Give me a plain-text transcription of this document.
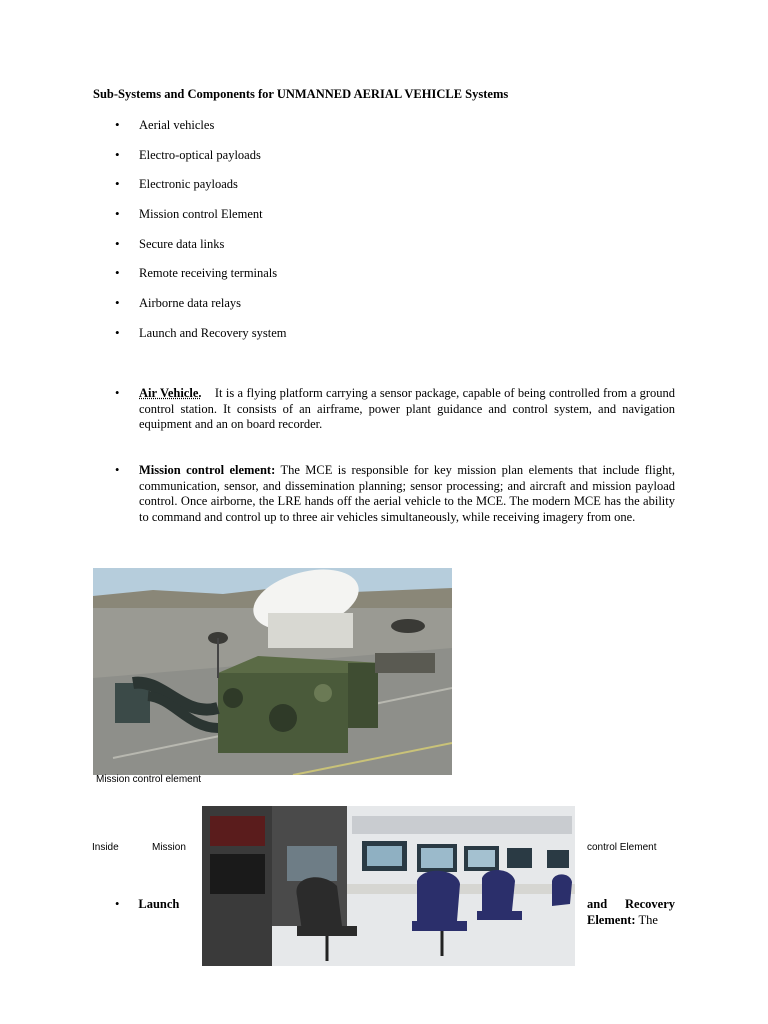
Sub-Systems and Components for UNMANNED AERIAL VEHICLE Systems
• Aerial vehicles
• Electro-optical payloads
• Electronic payloads
• Mission control Element
• Secure data links
• Remote receiving terminals
• Airborne data relays
• Launch and Recovery system
• Air Vehicle. It is a flying platform carrying a sensor package, capable of being controlled from a ground control station. It consists of an airframe, power plant guidance and control system, and navigation equipment and an on board recorder.
• Mission control element: The MCE is responsible for key mission plan elements that include flight, communication, sensor, and dissemination planning; sensor processing; and aircraft and mission payload control. Once airborne, the LRE hands off the aerial vehicle to the MCE. The modern MCE has the ability to command and control up to three air vehicles simultaneously, while receiving imagery from one.
Mission control element
Inside	Mission	control Element
• Launch	and Recovery Element: The
